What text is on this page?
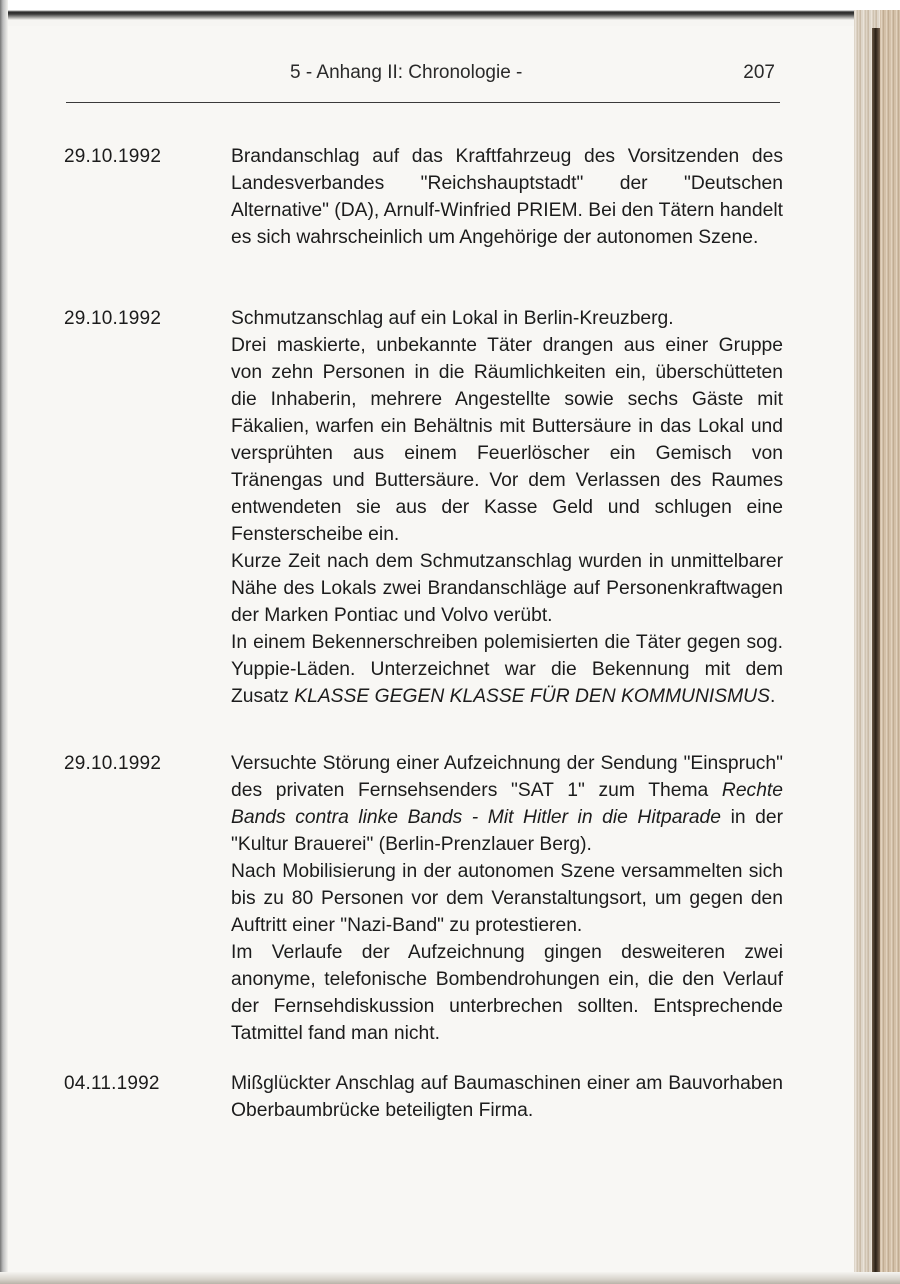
5 - Anhang II: Chronologie -	207
29.10.1992	Brandanschlag auf das Kraftfahrzeug des Vorsitzenden des Landesverbandes "Reichshauptstadt" der "Deutschen Alternative" (DA), Arnulf-Winfried PRIEM. Bei den Tätern handelt es sich wahrscheinlich um Angehörige der autonomen Szene.

29.10.1992	Schmutzanschlag auf ein Lokal in Berlin-Kreuzberg.

Drei maskierte, unbekannte Täter drangen aus einer Gruppe von zehn Personen in die Räumlichkeiten ein, überschütteten die Inhaberin, mehrere Angestellte sowie sechs Gäste mit Fäkalien, warfen ein Behältnis mit Buttersäure in das Lokal und versprühten aus einem Feuerlöscher ein Gemisch von Tränengas und Buttersäure. Vor dem Verlassen des Raumes entwendeten sie aus der Kasse Geld und schlugen eine Fensterscheibe ein.

Kurze Zeit nach dem Schmutzanschlag wurden in unmittelbarer Nähe des Lokals zwei Brandanschläge auf Personenkraftwagen der Marken Pontiac und Volvo verübt.

In einem Bekennerschreiben polemisierten die Täter gegen sog. Yuppie-Läden. Unterzeichnet war die Bekennung mit dem Zusatz KLASSE GEGEN KLASSE FÜR DEN KOMMUNISMUS.

29.10.1992	Versuchte Störung einer Aufzeichnung der Sendung "Einspruch" des privaten Fernsehsenders "SAT 1" zum Thema Rechte Bands contra linke Bands - Mit Hitler in die Hitparade in der "Kultur Brauerei" (Berlin-Prenzlauer Berg).

Nach Mobilisierung in der autonomen Szene versammelten sich bis zu 80 Personen vor dem Veranstaltungsort, um gegen den Auftritt einer "Nazi-Band" zu protestieren.

Im Verlaufe der Aufzeichnung gingen desweiteren zwei anonyme, telefonische Bombendrohungen ein, die den Verlauf der Fernsehdiskussion unterbrechen sollten. Entsprechende Tatmittel fand man nicht.

04.11.1992	Mißglückter Anschlag auf Baumaschinen einer am Bauvorhaben Oberbaumbrücke beteiligten Firma.
